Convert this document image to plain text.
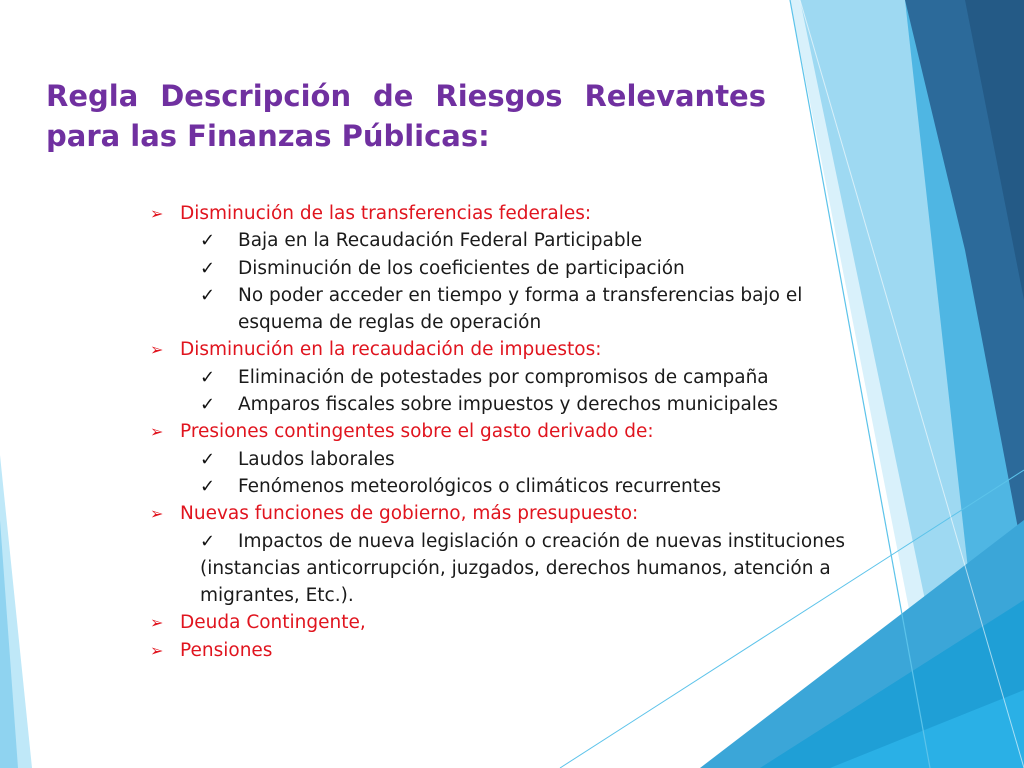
Regla Descripción de Riesgos Relevantes
para las Finanzas Públicas:
➢ Disminución de las transferencias federales:
✓ Baja en la Recaudación Federal Participable
✓ Disminución de los coeficientes de participación
✓ No poder acceder en tiempo y forma a transferencias bajo el esquema de reglas de operación
➢ Disminución en la recaudación de impuestos:
✓ Eliminación de potestades por compromisos de campaña
✓ Amparos fiscales sobre impuestos y derechos municipales
➢ Presiones contingentes sobre el gasto derivado de:
✓ Laudos laborales
✓ Fenómenos meteorológicos o climáticos recurrentes
➢ Nuevas funciones de gobierno, más presupuesto:
✓ Impactos de nueva legislación o creación de nuevas instituciones (instancias anticorrupción, juzgados, derechos humanos, atención a migrantes, Etc.).
➢ Deuda Contingente,
➢ Pensiones
